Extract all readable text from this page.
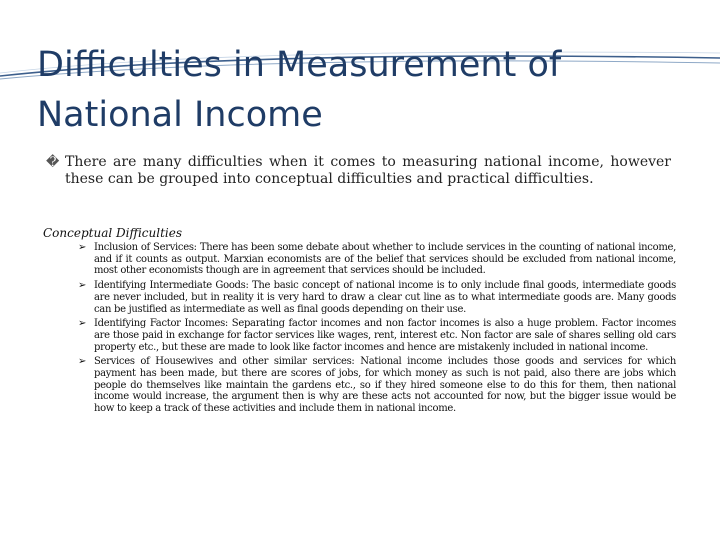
Difficulties in Measurement of National Income
� There are many difficulties when it comes to measuring national income, however these can be grouped into conceptual difficulties and practical difficulties.
Conceptual Difficulties
➢ Inclusion of Services: There has been some debate about whether to include services in the counting of national income, and if it counts as output. Marxian economists are of the belief that services should be excluded from national income, most other economists though are in agreement that services should be included.
➢ Identifying Intermediate Goods: The basic concept of national income is to only include final goods, intermediate goods are never included, but in reality it is very hard to draw a clear cut line as to what intermediate goods are. Many goods can be justified as intermediate as well as final goods depending on their use.
➢ Identifying Factor Incomes: Separating factor incomes and non factor incomes is also a huge problem. Factor incomes are those paid in exchange for factor services like wages, rent, interest etc. Non factor are sale of shares selling old cars property etc., but these are made to look like factor incomes and hence are mistakenly included in national income.
➢ Services of Housewives and other similar services: National income includes those goods and services for which payment has been made, but there are scores of jobs, for which money as such is not paid, also there are jobs which people do themselves like maintain the gardens etc., so if they hired someone else to do this for them, then national income would increase, the argument then is why are these acts not accounted for now, but the bigger issue would be how to keep a track of these activities and include them in national income.
